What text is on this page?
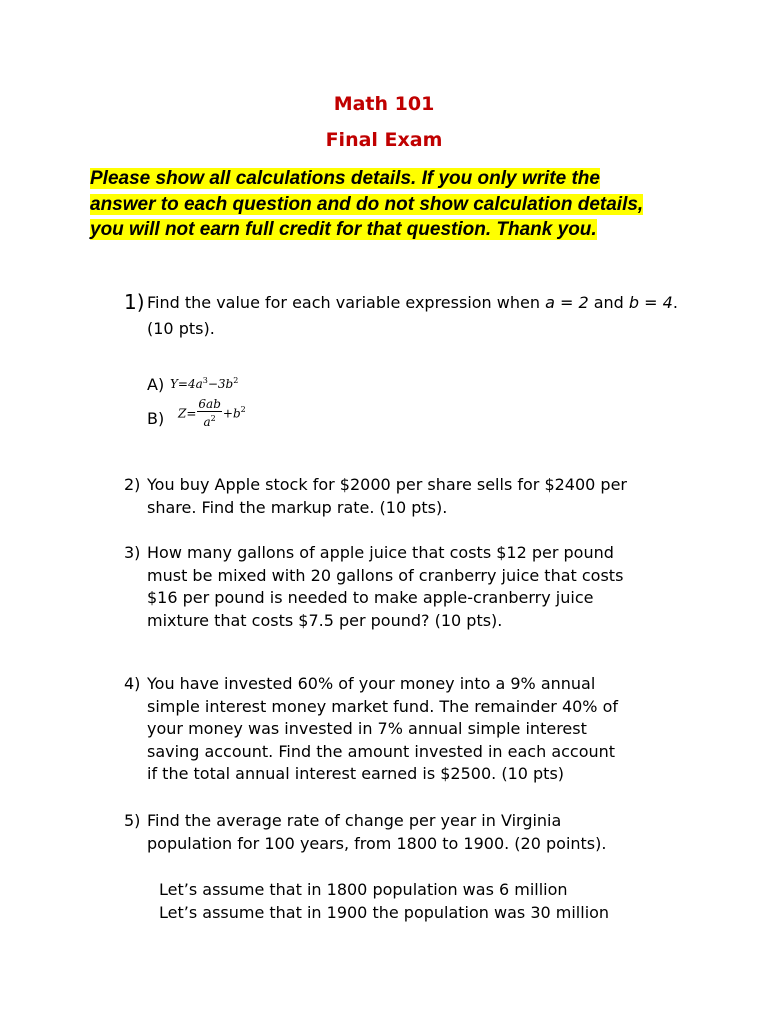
Math 101
Final Exam
Please show all calculations details. If you only write the
answer to each question and do not show calculation details,
you will not earn full credit for that question. Thank you.
1) Find the value for each variable expression when a = 2 and b = 4.
(10 pts).
A) $Y=4a^3-3b^2$
B) $Z= \frac{6ab}{a^2} +b^2$
2) You buy Apple stock for $2000 per share sells for $2400 per
share. Find the markup rate. (10 pts).
3) How many gallons of apple juice that costs $12 per pound
must be mixed with 20 gallons of cranberry juice that costs
$16 per pound is needed to make apple-cranberry juice
mixture that costs $7.5 per pound? (10 pts).
4) You have invested 60% of your money into a 9% annual
simple interest money market fund. The remainder 40% of
your money was invested in 7% annual simple interest
saving account. Find the amount invested in each account
if the total annual interest earned is $2500. (10 pts)
5) Find the average rate of change per year in Virginia
population for 100 years, from 1800 to 1900. (20 points).
Let’s assume that in 1800 population was 6 million
Let’s assume that in 1900 the population was 30 million
